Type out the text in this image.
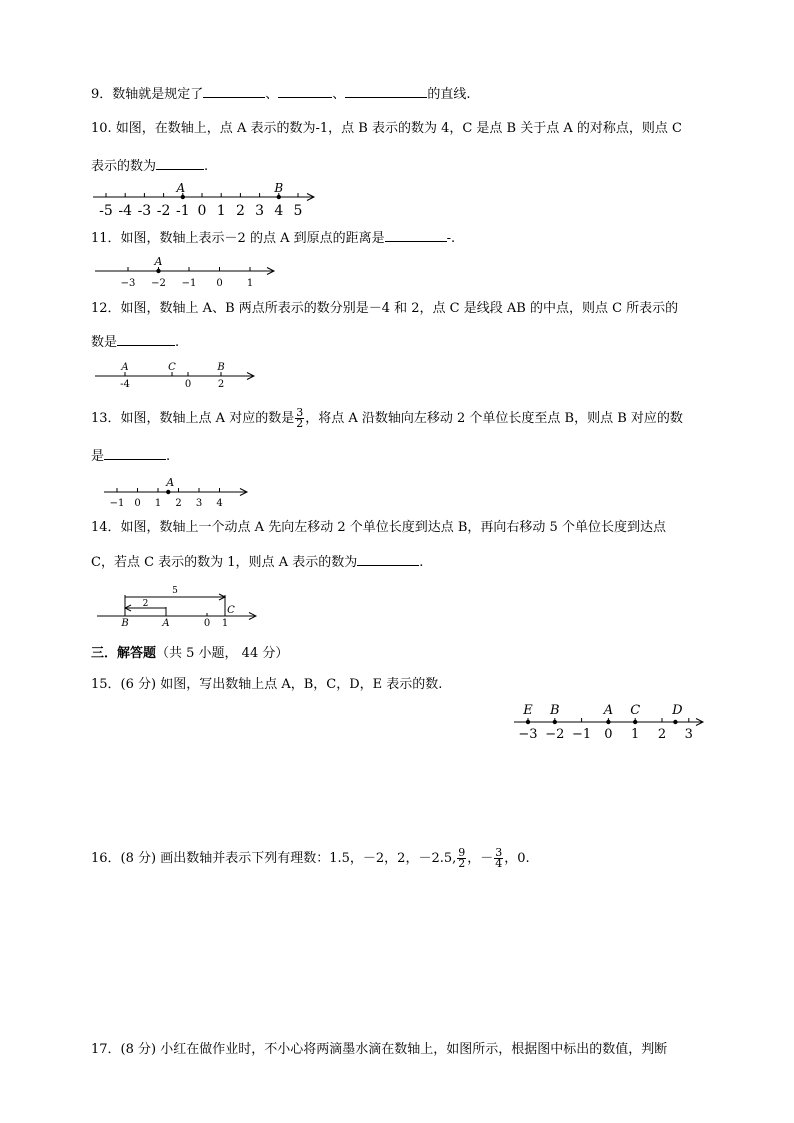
9．数轴就是规定了	、	、	的直线.
10. 如图，在数轴上，点 A 表示的数为-1，点 B 表示的数为 4，C 是点 B 关于点 A 的对称点，则点 C
表示的数为	.
-5 -4 -3 -2 -1 0 1 2 3 4 5
A	B
−3 −2 −1 0 1
A
A	C	B
-4	0	2
−1 0 1 2 3 4
A
5
2
B	A
C
0 1
−3 −2 −1 0 1 2 3
E B	A C D
11．如图，数轴上表示－2 的点 A 到原点的距离是	-.
12．如图，数轴上 A、B 两点所表示的数分别是－4 和 2，点 C 是线段 AB 的中点，则点 C 所表示的
数是	.
13．如图，数轴上点 A 对应的数是 $\frac{3}{2}$ ，将点 A 沿数轴向左移动 2 个单位长度至点 B，则点 B 对应的数
是	.
14．如图，数轴上一个动点 A 先向左移动 2 个单位长度到达点 B，再向右移动 5 个单位长度到达点
C，若点 C 表示的数为 1，则点 A 表示的数为	.
三．解答题（共 5 小题， 44 分）
15．(6 分) 如图，写出数轴上点 A，B，C，D，E 表示的数.
16．(8 分) 画出数轴并表示下列有理数：1.5，－2，2，－2.5, $\frac{9}{2}$ ，－ $\frac{3}{4}$ ，0.
17．(8 分) 小红在做作业时，不小心将两滴墨水滴在数轴上，如图所示，根据图中标出的数值，判断
